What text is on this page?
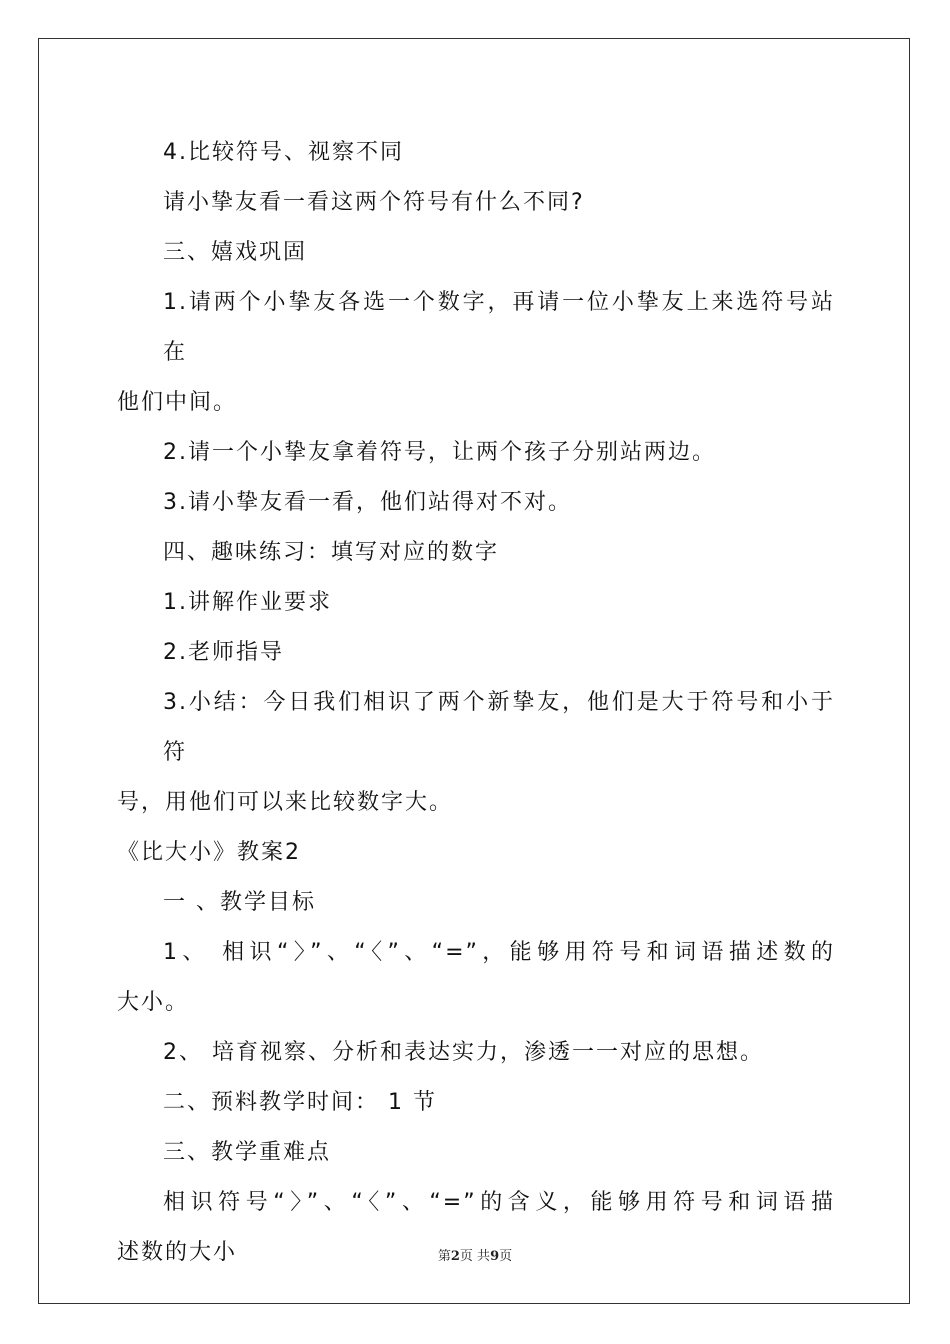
4.比较符号、视察不同

请小挚友看一看这两个符号有什么不同?

三、嬉戏巩固

1.请两个小挚友各选一个数字，再请一位小挚友上来选符号站在
他们中间。

2.请一个小挚友拿着符号，让两个孩子分别站两边。

3.请小挚友看一看，他们站得对不对。

四、趣味练习：填写对应的数字

1.讲解作业要求

2.老师指导

3.小结：今日我们相识了两个新挚友，他们是大于符号和小于符
号，用他们可以来比较数字大。

《比大小》教案2

一 、教学目标

1、 相识“〉”、“〈”、“=”，能够用符号和词语描述数的
大小。

2、 培育视察、分析和表达实力，渗透一一对应的思想。

二、预料教学时间： 1 节

三、教学重难点

相识符号“〉”、“〈”、“=”的含义，能够用符号和词语描
述数的大小	第2页 共9页
